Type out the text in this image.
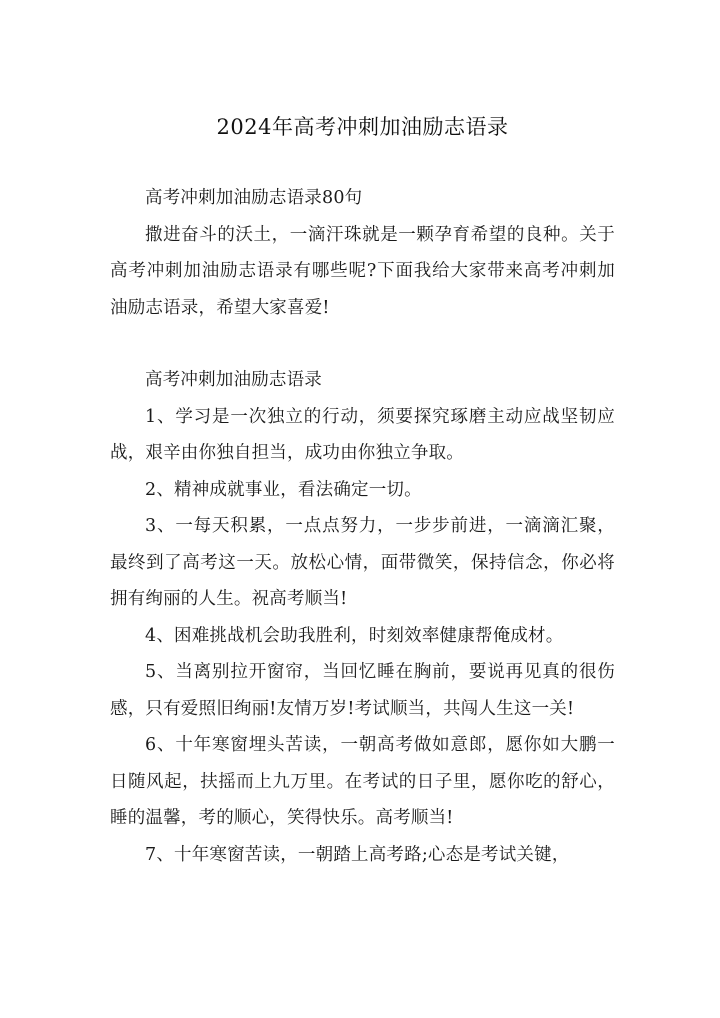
2024年高考冲刺加油励志语录

高考冲刺加油励志语录80句

撒进奋斗的沃土，一滴汗珠就是一颗孕育希望的良种。关于高考冲刺加油励志语录有哪些呢?下面我给大家带来高考冲刺加油励志语录，希望大家喜爱!

高考冲刺加油励志语录

1、学习是一次独立的行动，须要探究琢磨主动应战坚韧应战，艰辛由你独自担当，成功由你独立争取。

2、精神成就事业，看法确定一切。

3、一每天积累，一点点努力，一步步前进，一滴滴汇聚，最终到了高考这一天。放松心情，面带微笑，保持信念，你必将拥有绚丽的人生。祝高考顺当!

4、困难挑战机会助我胜利，时刻效率健康帮俺成材。

5、当离别拉开窗帘，当回忆睡在胸前，要说再见真的很伤感，只有爱照旧绚丽!友情万岁!考试顺当，共闯人生这一关!

6、十年寒窗埋头苦读，一朝高考做如意郎，愿你如大鹏一日随风起，扶摇而上九万里。在考试的日子里，愿你吃的舒心，睡的温馨，考的顺心，笑得快乐。高考顺当!

7、十年寒窗苦读，一朝踏上高考路;心态是考试关键，
